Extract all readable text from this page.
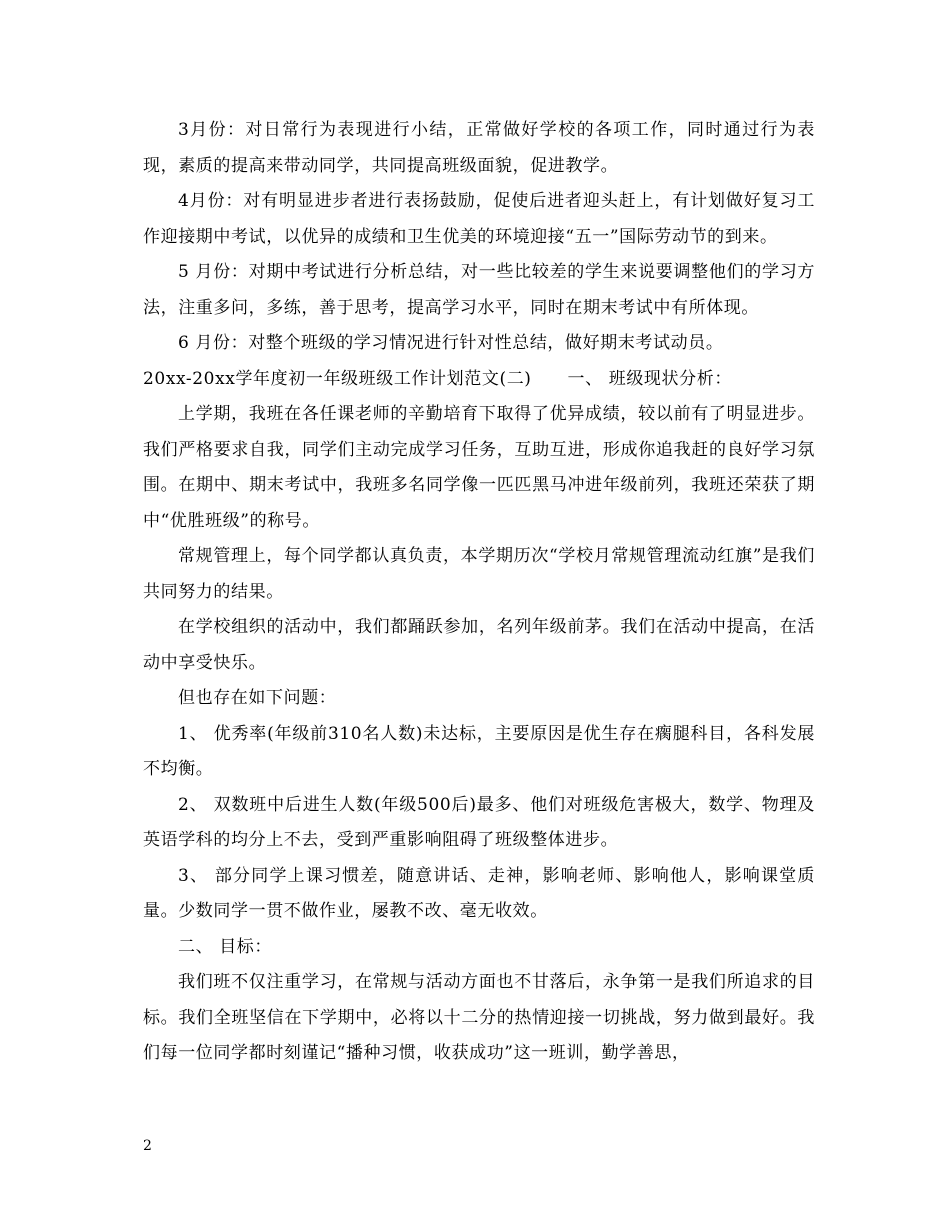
3月份：对日常行为表现进行小结，正常做好学校的各项工作，同时通过行为表现，素质的提高来带动同学，共同提高班级面貌，促进教学。

4月份：对有明显进步者进行表扬鼓励，促使后进者迎头赶上，有计划做好复习工作迎接期中考试，以优异的成绩和卫生优美的环境迎接“五一”国际劳动节的到来。

5 月份：对期中考试进行分析总结，对一些比较差的学生来说要调整他们的学习方法，注重多问，多练，善于思考，提高学习水平，同时在期末考试中有所体现。

6 月份：对整个班级的学习情况进行针对性总结，做好期末考试动员。

20xx-20xx学年度初一年级班级工作计划范文(二) 一、 班级现状分析：

上学期，我班在各任课老师的辛勤培育下取得了优异成绩，较以前有了明显进步。我们严格要求自我，同学们主动完成学习任务，互助互进，形成你追我赶的良好学习氛围。在期中、期末考试中，我班多名同学像一匹匹黑马冲进年级前列，我班还荣获了期中“优胜班级”的称号。

常规管理上，每个同学都认真负责，本学期历次“学校月常规管理流动红旗”是我们共同努力的结果。

在学校组织的活动中，我们都踊跃参加，名列年级前茅。我们在活动中提高，在活动中享受快乐。

但也存在如下问题：

1、 优秀率(年级前310名人数)未达标，主要原因是优生存在瘸腿科目，各科发展不均衡。

2、 双数班中后进生人数(年级500后)最多、他们对班级危害极大，数学、物理及英语学科的均分上不去，受到严重影响阻碍了班级整体进步。

3、 部分同学上课习惯差，随意讲话、走神，影响老师、影响他人，影响课堂质量。少数同学一贯不做作业，屡教不改、毫无收效。

二、 目标：

我们班不仅注重学习，在常规与活动方面也不甘落后，永争第一是我们所追求的目标。我们全班坚信在下学期中，必将以十二分的热情迎接一切挑战，努力做到最好。我们每一位同学都时刻谨记“播种习惯，收获成功”这一班训，勤学善思，

2
